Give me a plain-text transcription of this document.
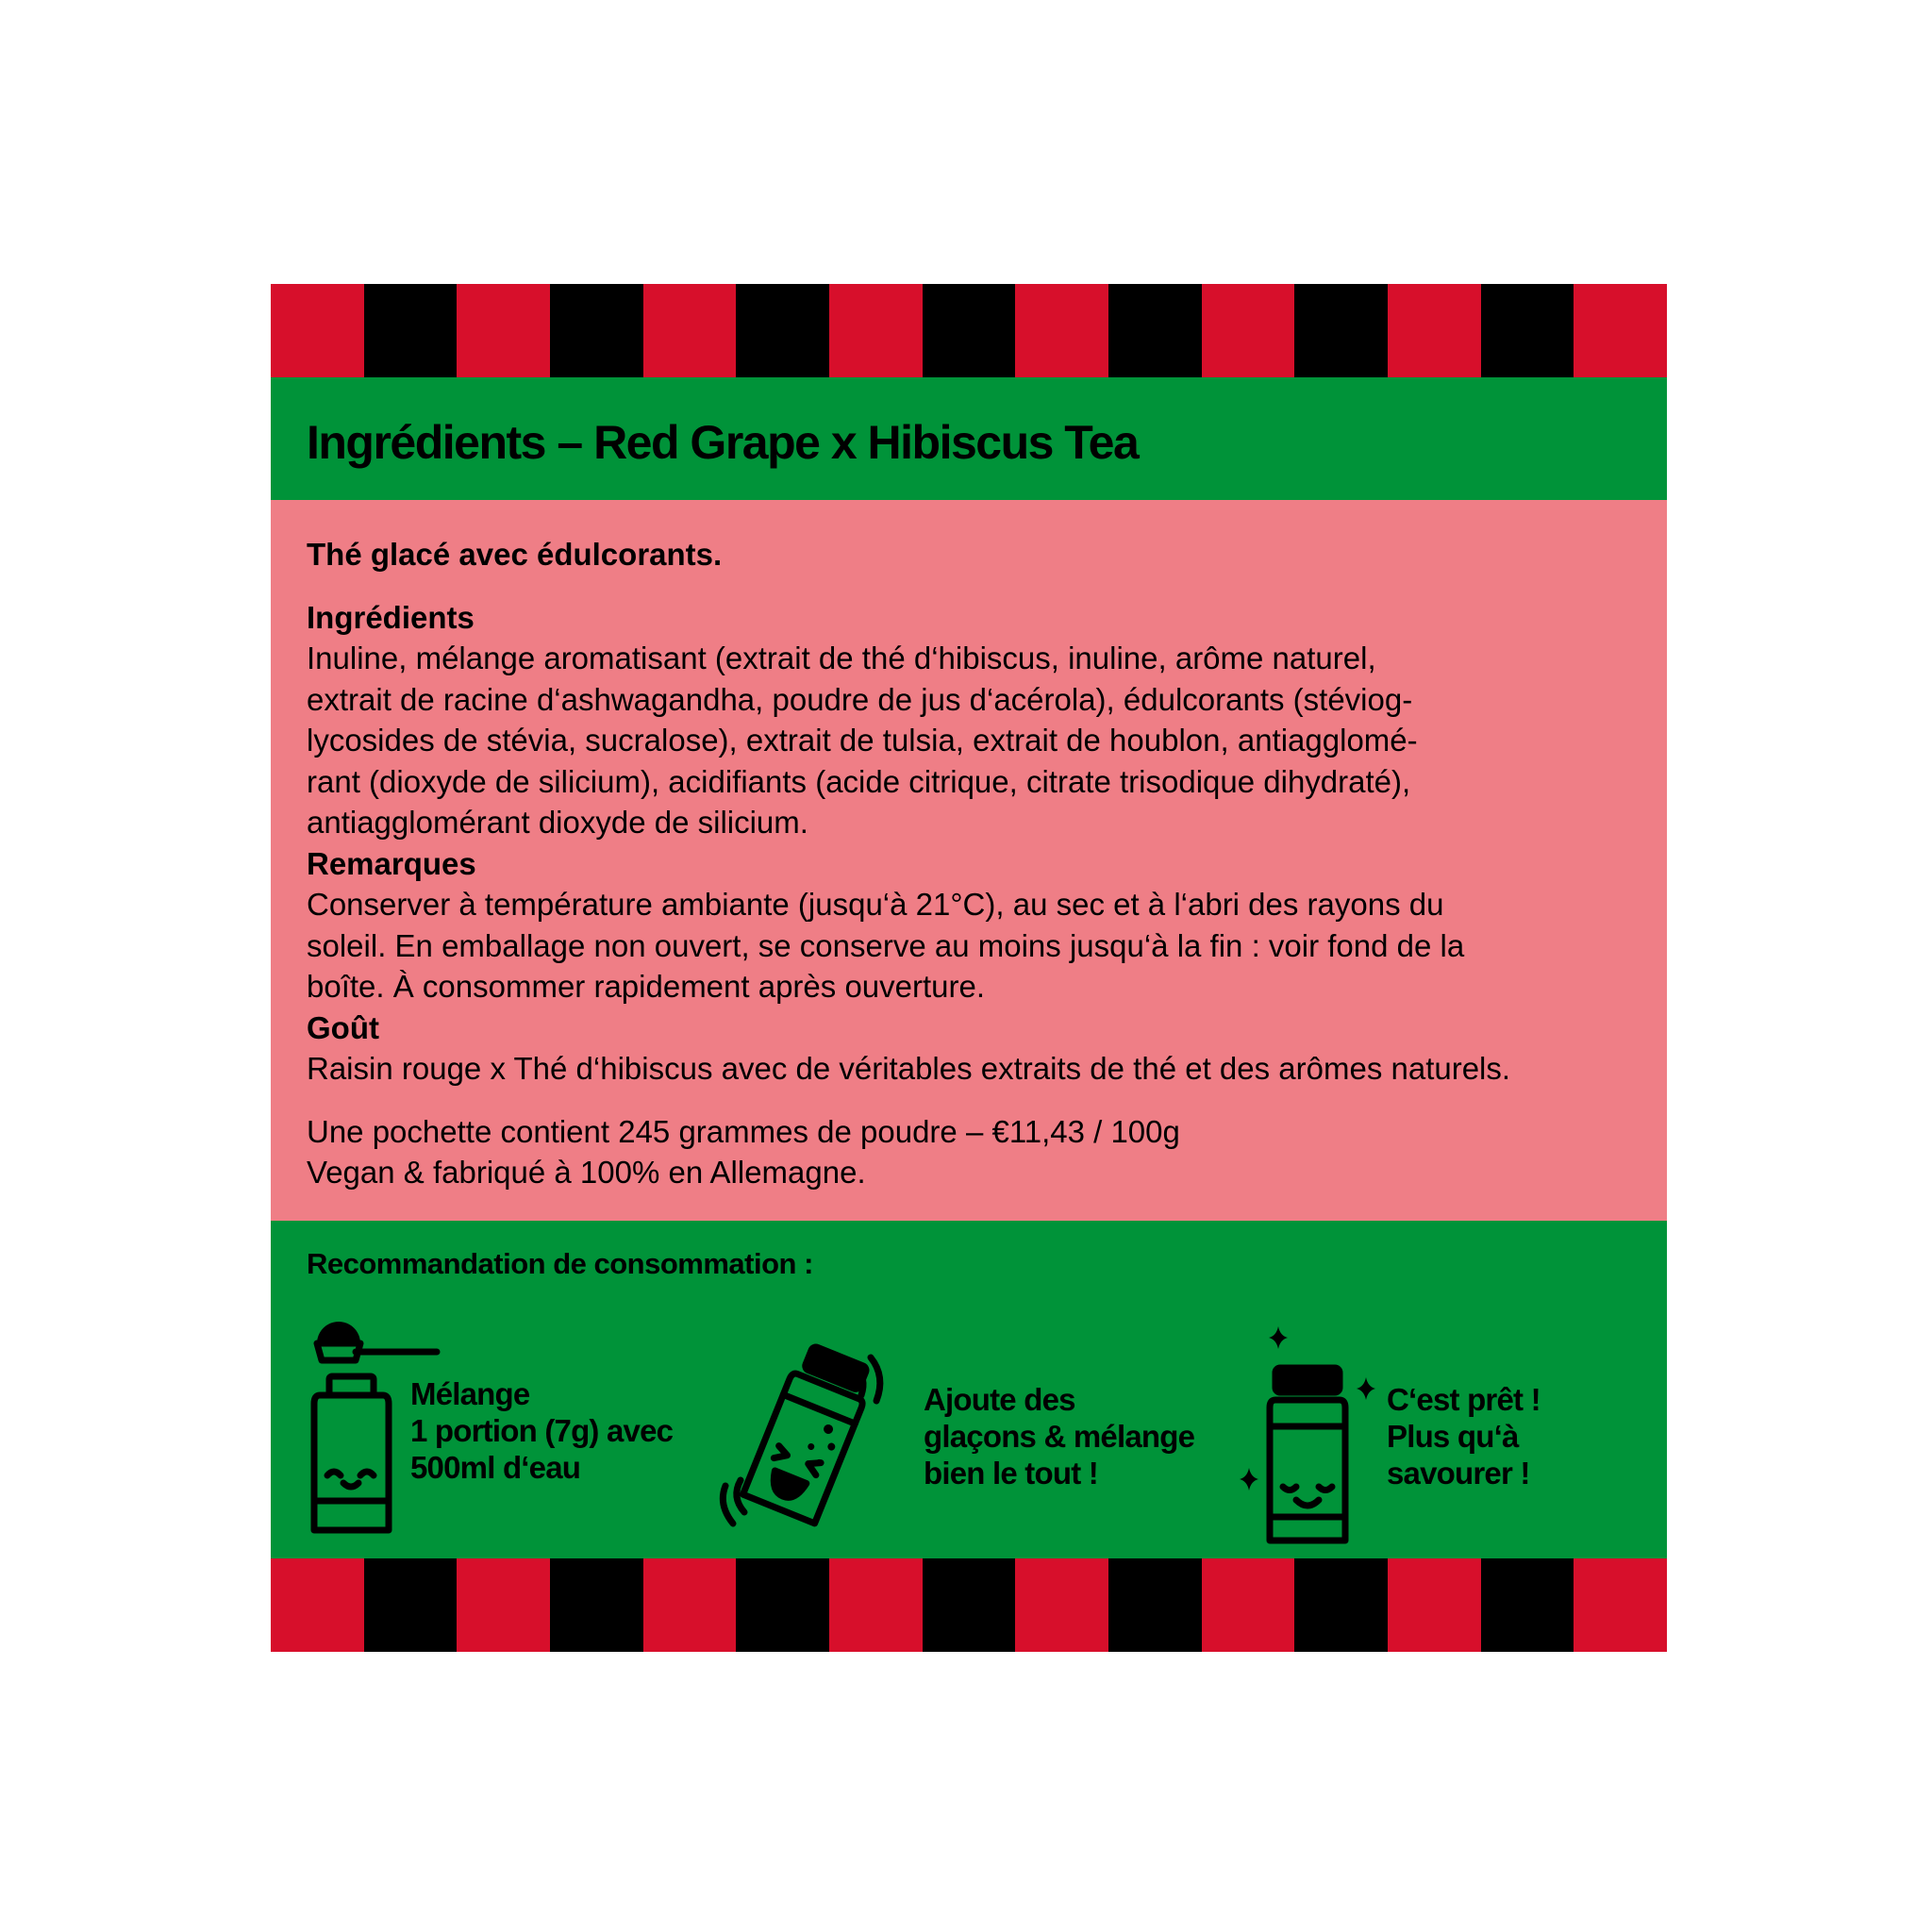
Ingrédients – Red Grape x Hibiscus Tea

Thé glacé avec édulcorants.

Ingrédients

Inuline, mélange aromatisant (extrait de thé d‘hibiscus, inuline, arôme naturel,

extrait de racine d‘ashwagandha, poudre de jus d‘acérola), édulcorants (stéviog-

lycosides de stévia, sucralose), extrait de tulsia, extrait de houblon, antiagglomé-

rant (dioxyde de silicium), acidifiants (acide citrique, citrate trisodique dihydraté),

antiagglomérant dioxyde de silicium.

Remarques

Conserver à température ambiante (jusqu‘à 21°C), au sec et à l‘abri des rayons du

soleil. En emballage non ouvert, se conserve au moins jusqu‘à la fin : voir fond de la

boîte. À consommer rapidement après ouverture.

Goût

Raisin rouge x Thé d‘hibiscus avec de véritables extraits de thé et des arômes naturels.

Une pochette contient 245 grammes de poudre – €11,43 / 100g

Vegan & fabriqué à 100% en Allemagne.

Recommandation de consommation :

Mélange
1 portion (7g) avec
500ml d‘eau

Ajoute des
glaçons & mélange
bien le tout !

C‘est prêt !
Plus qu‘à
savourer !
